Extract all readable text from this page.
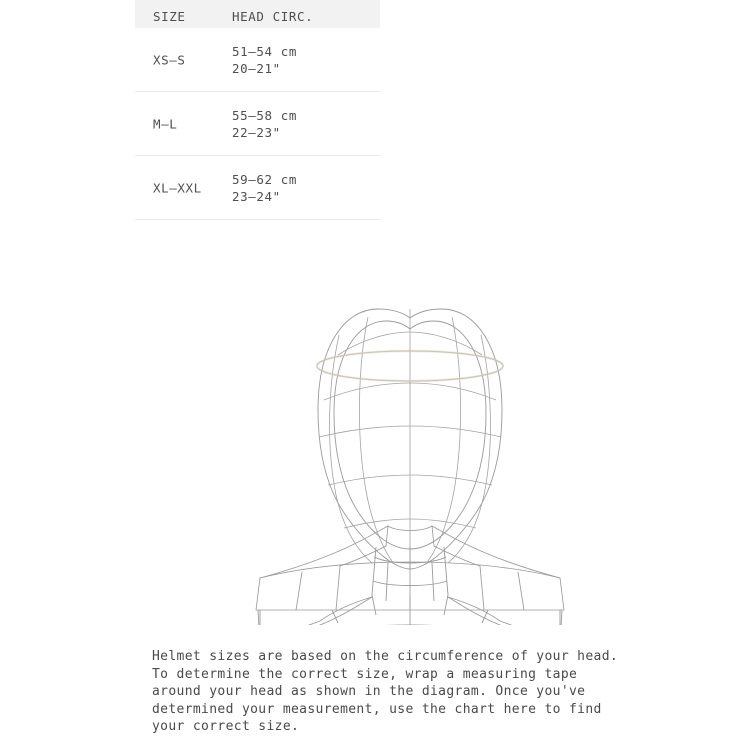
SIZE	HEAD CIRC.
XS–S
51–54 cm
20–21"
M–L
55–58 cm
22–23"
XL–XXL
59–62 cm
23–24"

Helmet sizes are based on the circumference of your head. To determine the correct size, wrap a measuring tape around your head as shown in the diagram. Once you've determined your measurement, use the chart here to find your correct size.
